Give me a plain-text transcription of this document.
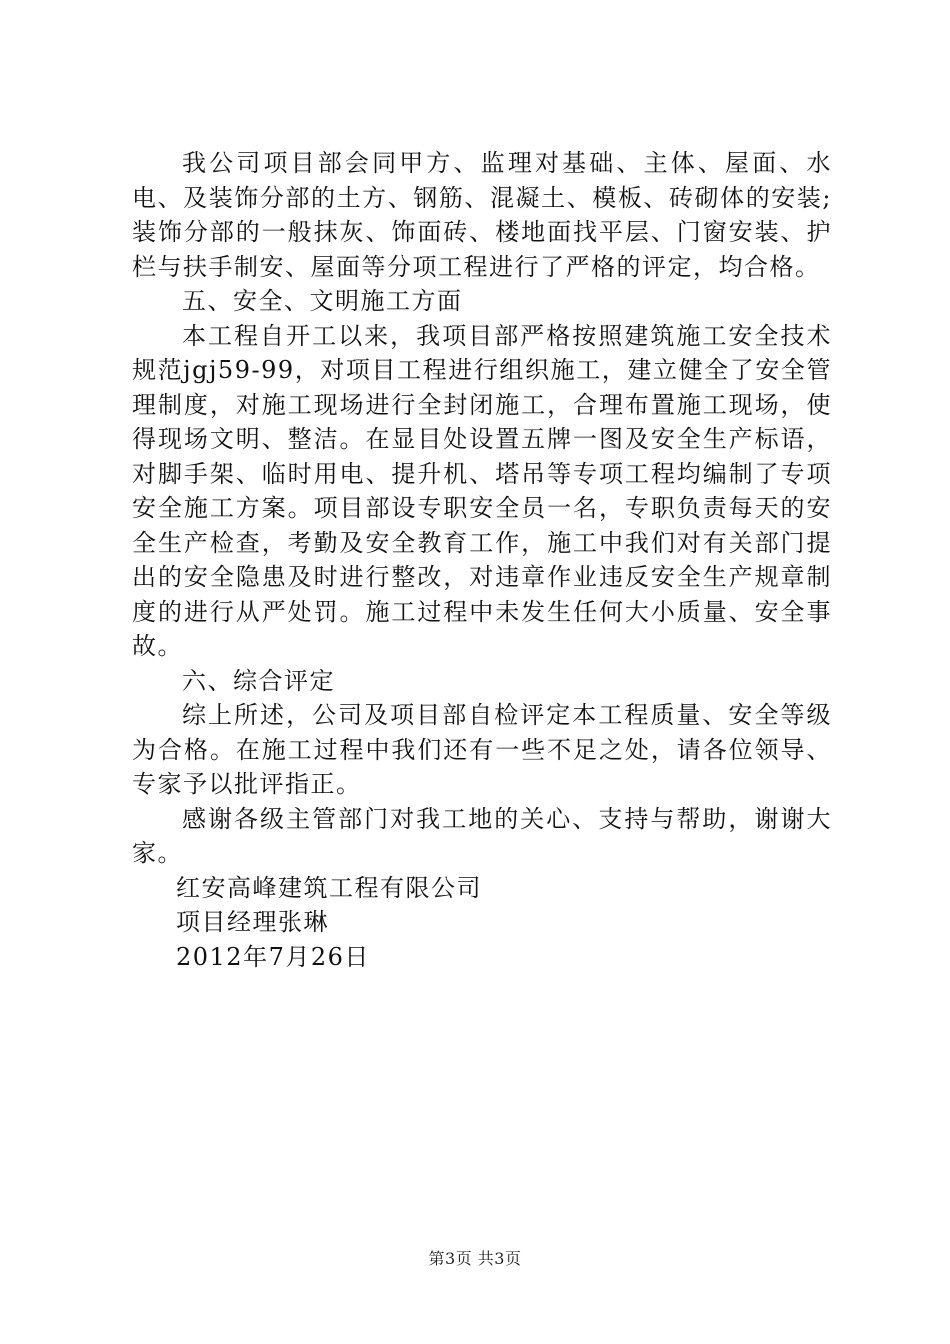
我公司项目部会同甲方、监理对基础、主体、屋面、水电、及装饰分部的土方、钢筋、混凝土、模板、砖砌体的安装;装饰分部的一般抹灰、饰面砖、楼地面找平层、门窗安装、护栏与扶手制安、屋面等分项工程进行了严格的评定，均合格。

五、安全、文明施工方面

本工程自开工以来，我项目部严格按照建筑施工安全技术规范jgj59-99，对项目工程进行组织施工，建立健全了安全管理制度，对施工现场进行全封闭施工，合理布置施工现场，使得现场文明、整洁。在显目处设置五牌一图及安全生产标语，对脚手架、临时用电、提升机、塔吊等专项工程均编制了专项安全施工方案。项目部设专职安全员一名，专职负责每天的安全生产检查，考勤及安全教育工作，施工中我们对有关部门提出的安全隐患及时进行整改，对违章作业违反安全生产规章制度的进行从严处罚。施工过程中未发生任何大小质量、安全事故。

六、综合评定

综上所述，公司及项目部自检评定本工程质量、安全等级为合格。在施工过程中我们还有一些不足之处，请各位领导、专家予以批评指正。

感谢各级主管部门对我工地的关心、支持与帮助，谢谢大家。

红安高峰建筑工程有限公司

项目经理张琳

2012年7月26日

第3页 共3页
